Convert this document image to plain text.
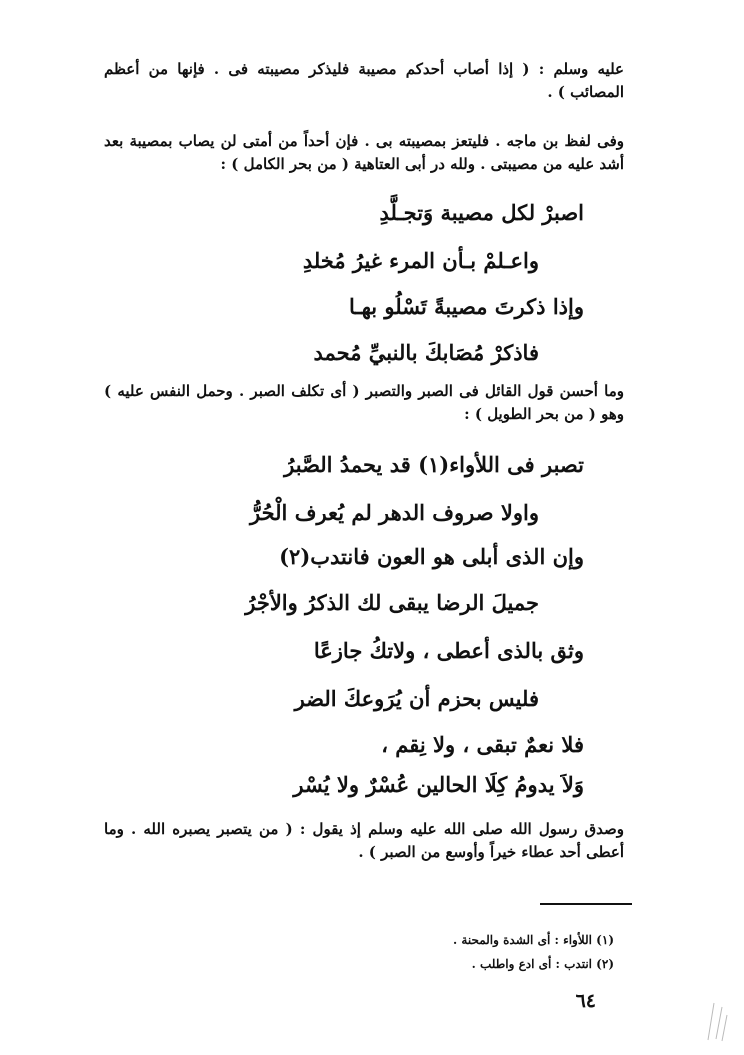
عليه وسلم : ( إذا أصاب أحدكم مصيبة فليذكر مصيبته فى . فإنها من أعظم المصائب ) .
وفى لفظ بن ماجه . فليتعز بمصيبته بى . فإن أحداً من أمتى لن يصاب بمصيبة بعد أشد عليه من مصيبتى . ولله در أبى العتاهية ( من بحر الكامل ) :
اصبرْ لكل مصيبة وَتجـلَّدِ
واعـلمْ بـأن المرء غيرُ مُخلدِ
وإذا ذكرتَ مصيبةً تَسْلُو بهـا
فاذكرْ مُصَابكَ بالنبيِّ مُحمد
وما أحسن قول القائل فى الصبر والتصبر ( أى تكلف الصبر . وحمل النفس عليه ) وهو ( من بحر الطويل ) :
تصبر فى اللأواء(١) قد يحمدُ الصَّبرُ
واولا صروف الدهر لم يُعرف الْحُرُّ
وإن الذى أبلى هو العون فانتدب(٢)
جميلَ الرضا يبقى لك الذكرُ والأجْرُ
وثق بالذى أعطى ، ولاتكُ جازعًا
فليس بحزم أن يُرَوعكَ الضر
فلا نعمٌ تبقى ، ولا نِقم ،
وَلاَ يدومُ كِلَا الحالين عُسْرٌ ولا يُسْر
وصدق رسول الله صلى الله عليه وسلم إذ يقول : ( من يتصبر يصبره الله . وما أعطى أحد عطاء خيراً وأوسع من الصبر ) .
(١) اللأواء : أى الشدة والمحنة .
(٢) انتدب : أى ادع واطلب .
٦٤
